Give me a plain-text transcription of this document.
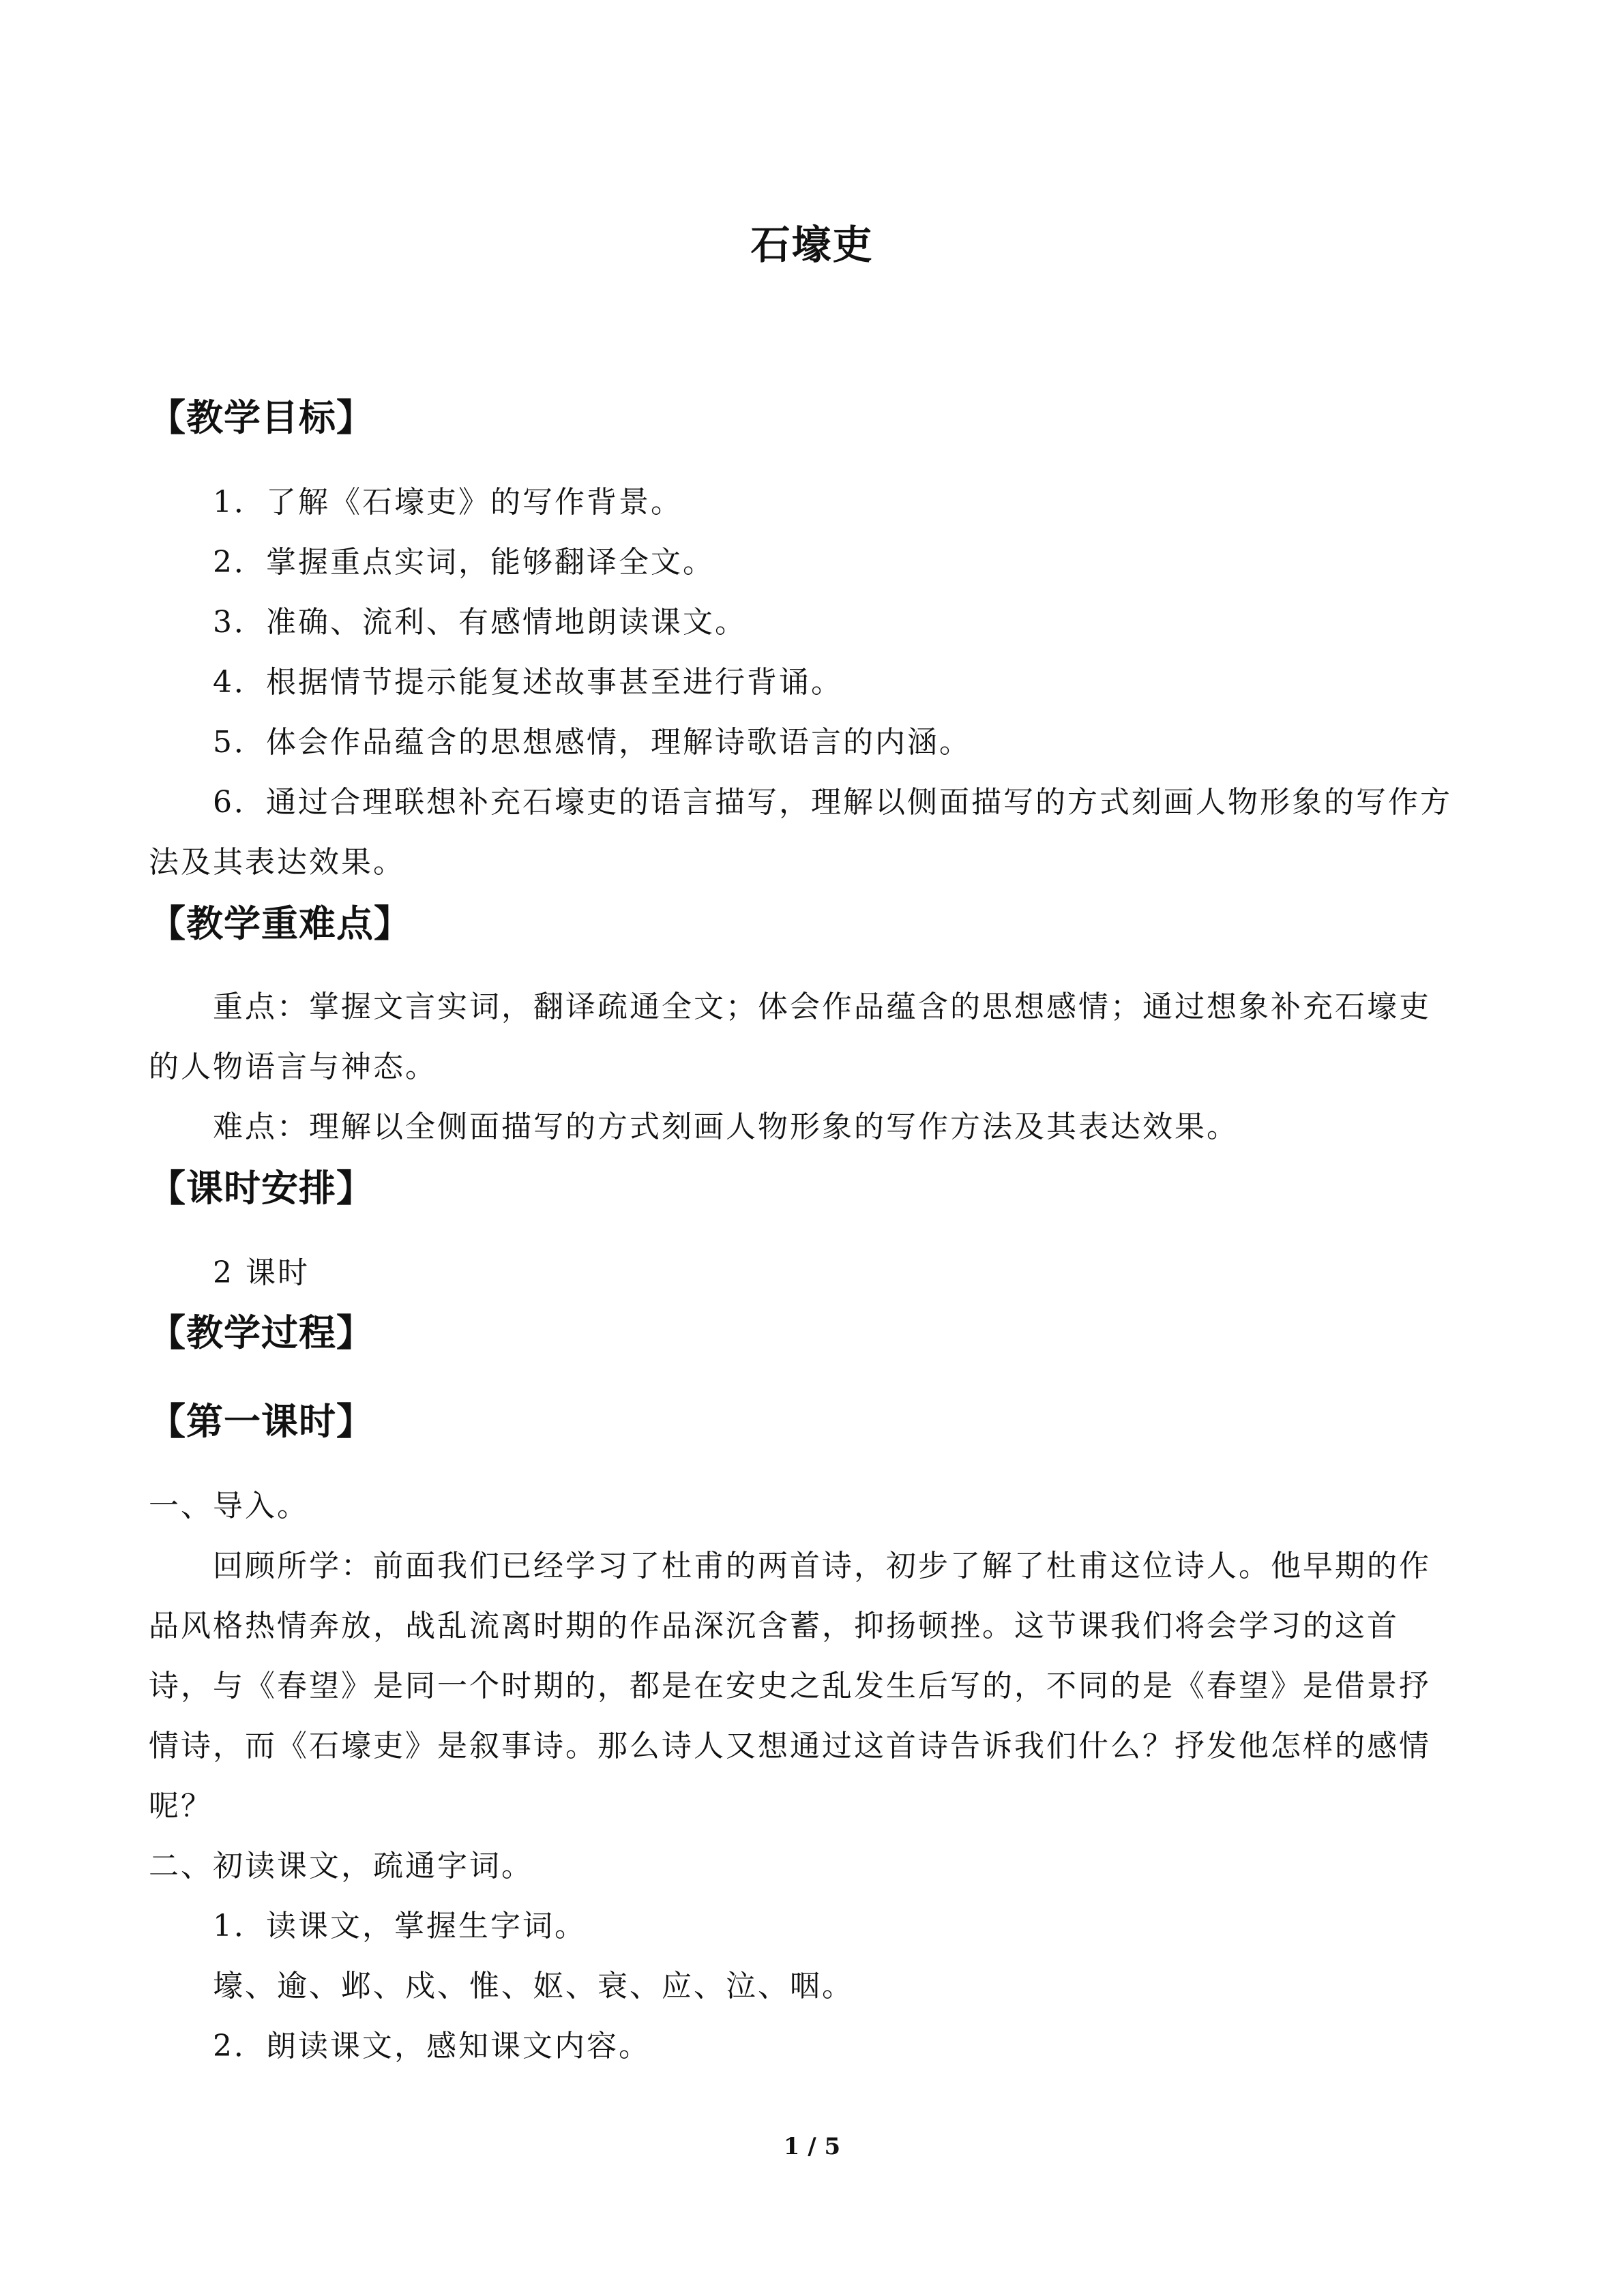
石壕吏
【教学目标】
1．了解《石壕吏》的写作背景。
2．掌握重点实词，能够翻译全文。
3．准确、流利、有感情地朗读课文。
4．根据情节提示能复述故事甚至进行背诵。
5．体会作品蕴含的思想感情，理解诗歌语言的内涵。
6．通过合理联想补充石壕吏的语言描写，理解以侧面描写的方式刻画人物形象的写作方
法及其表达效果。
【教学重难点】
重点：掌握文言实词，翻译疏通全文；体会作品蕴含的思想感情；通过想象补充石壕吏
的人物语言与神态。
难点：理解以全侧面描写的方式刻画人物形象的写作方法及其表达效果。
【课时安排】
2 课时
【教学过程】
【第一课时】
一、导入。
回顾所学：前面我们已经学习了杜甫的两首诗，初步了解了杜甫这位诗人。他早期的作
品风格热情奔放，战乱流离时期的作品深沉含蓄，抑扬顿挫。这节课我们将会学习的这首
诗，与《春望》是同一个时期的，都是在安史之乱发生后写的，不同的是《春望》是借景抒
情诗，而《石壕吏》是叙事诗。那么诗人又想通过这首诗告诉我们什么？抒发他怎样的感情
呢？
二、初读课文，疏通字词。
1．读课文，掌握生字词。
壕、逾、邺、戍、惟、妪、衰、应、泣、咽。
2．朗读课文，感知课文内容。
1 / 5
